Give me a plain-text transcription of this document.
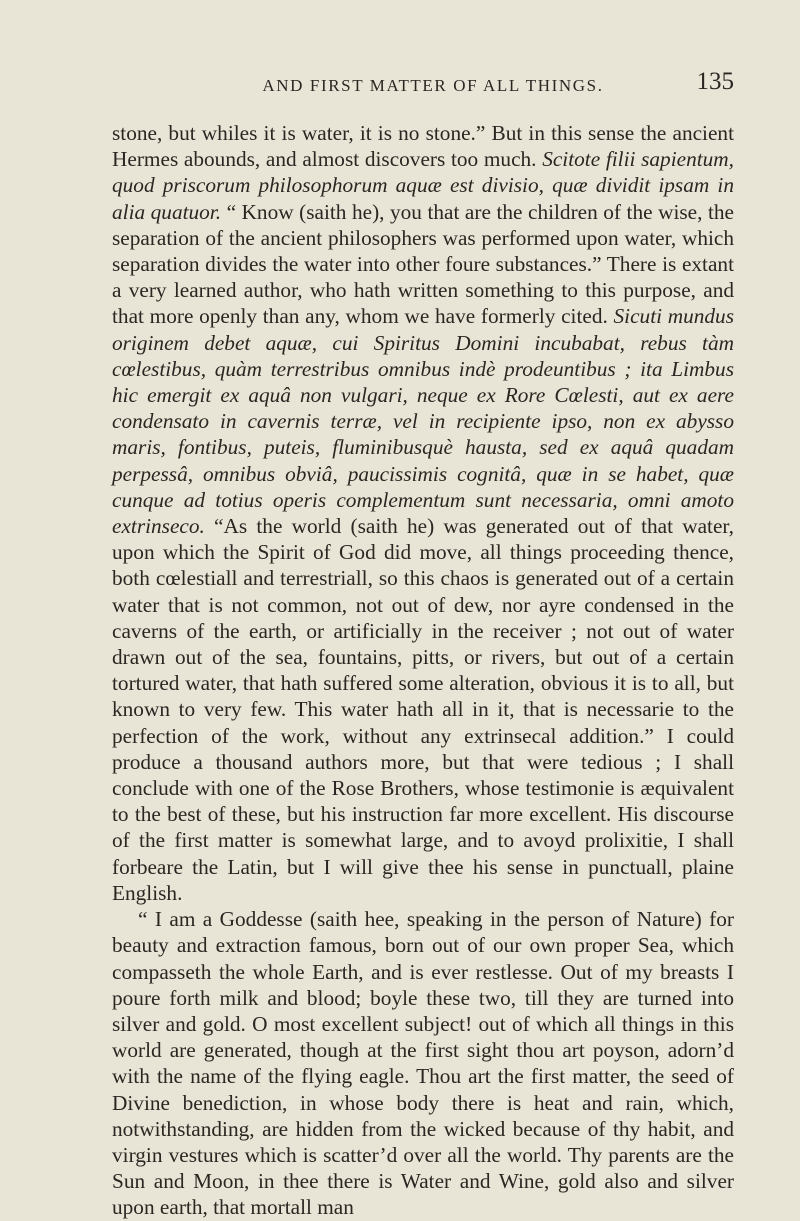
AND FIRST MATTER OF ALL THINGS.	135

stone, but whiles it is water, it is no stone.” But in this sense the ancient Hermes abounds, and almost discovers too much. Scitote filii sapientum, quod priscorum philosophorum aquæ est divisio, quæ dividit ipsam in alia quatuor. “ Know (saith he), you that are the children of the wise, the separation of the ancient philosophers was performed upon water, which separation divides the water into other foure substances.” There is extant a very learned author, who hath written something to this purpose, and that more openly than any, whom we have formerly cited. Sicuti mundus originem debet aquæ, cui Spiritus Domini incubabat, rebus tàm cœlestibus, quàm terrestribus omnibus indè prodeuntibus ; ita Limbus hic emergit ex aquâ non vulgari, neque ex Rore Cœlesti, aut ex aere condensato in cavernis terræ, vel in recipiente ipso, non ex abysso maris, fontibus, puteis, fluminibusquè hausta, sed ex aquâ quadam perpessâ, omnibus obviâ, paucissimis cognitâ, quæ in se habet, quæ cunque ad totius operis complementum sunt necessaria, omni amoto extrinseco. “As the world (saith he) was generated out of that water, upon which the Spirit of God did move, all things proceeding thence, both cœlestiall and terrestriall, so this chaos is generated out of a certain water that is not common, not out of dew, nor ayre condensed in the caverns of the earth, or artificially in the receiver ; not out of water drawn out of the sea, fountains, pitts, or rivers, but out of a certain tortured water, that hath suffered some alteration, obvious it is to all, but known to very few. This water hath all in it, that is necessarie to the perfection of the work, without any extrinsecal addition.” I could produce a thousand authors more, but that were tedious ; I shall conclude with one of the Rose Brothers, whose testimonie is æquivalent to the best of these, but his instruction far more excellent. His discourse of the first matter is somewhat large, and to avoyd prolixitie, I shall forbeare the Latin, but I will give thee his sense in punctuall, plaine English.

“ I am a Goddesse (saith hee, speaking in the person of Nature) for beauty and extraction famous, born out of our own proper Sea, which compasseth the whole Earth, and is ever restlesse. Out of my breasts I poure forth milk and blood; boyle these two, till they are turned into silver and gold. O most excellent subject! out of which all things in this world are generated, though at the first sight thou art poyson, adorn’d with the name of the flying eagle. Thou art the first matter, the seed of Divine benediction, in whose body there is heat and rain, which, notwithstanding, are hidden from the wicked because of thy habit, and virgin vestures which is scatter’d over all the world. Thy parents are the Sun and Moon, in thee there is Water and Wine, gold also and silver upon earth, that mortall man
